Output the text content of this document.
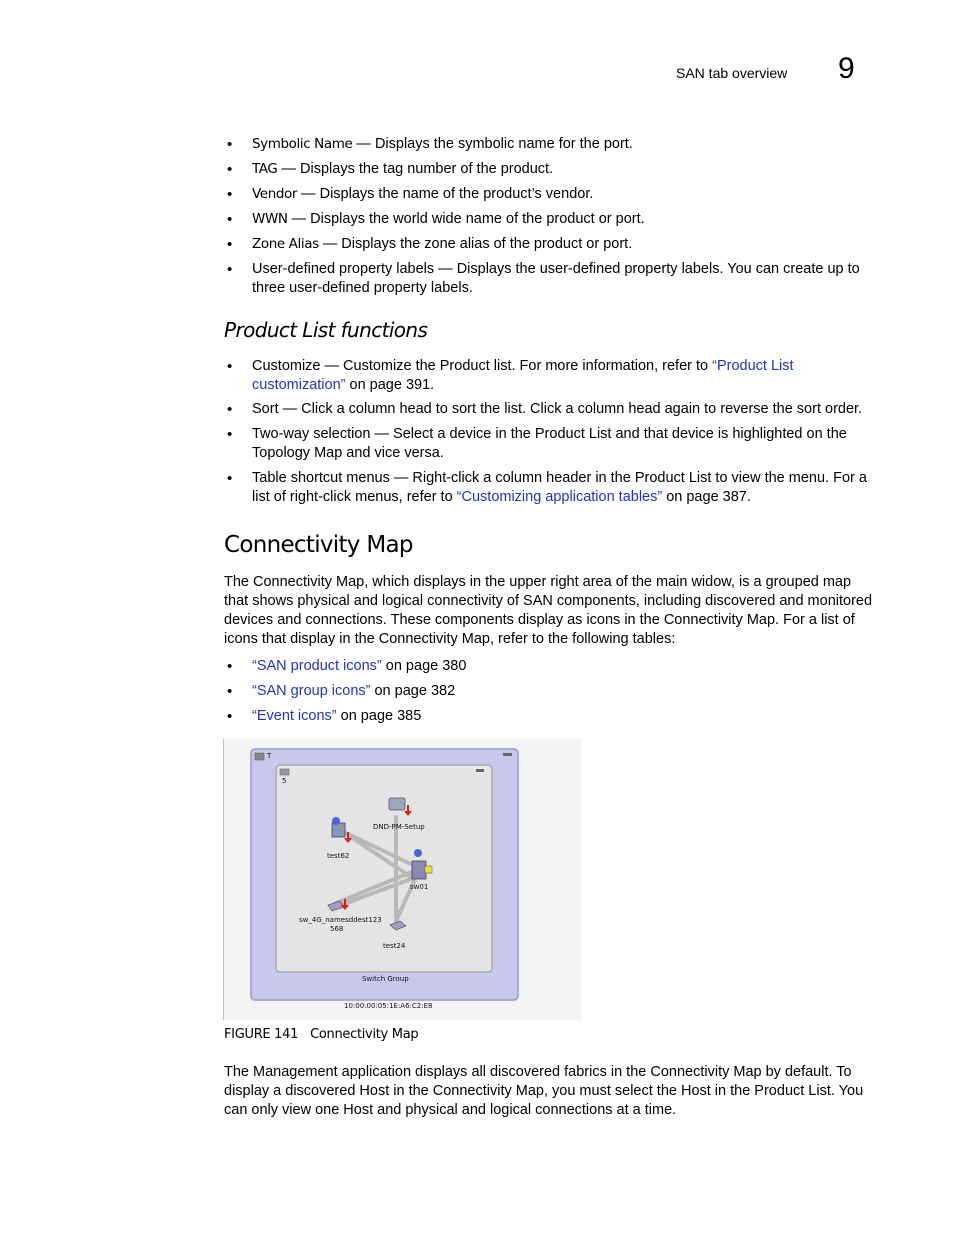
SAN tab overview 9
• Symbolic Name — Displays the symbolic name for the port.
• TAG — Displays the tag number of the product.
• Vendor — Displays the name of the product’s vendor.
• WWN — Displays the world wide name of the product or port.
• Zone Alias — Displays the zone alias of the product or port.
• User-defined property labels — Displays the user-defined property labels. You can create up to three user-defined property labels.
Product List functions
• Customize — Customize the Product list. For more information, refer to “Product List customization” on page 391.
• Sort — Click a column head to sort the list. Click a column head again to reverse the sort order.
• Two-way selection — Select a device in the Product List and that device is highlighted on the Topology Map and vice versa.
• Table shortcut menus — Right-click a column header in the Product List to view the menu. For a list of right-click menus, refer to “Customizing application tables” on page 387.
Connectivity Map

The Connectivity Map, which displays in the upper right area of the main widow, is a grouped map that shows physical and logical connectivity of SAN components, including discovered and monitored devices and connections. These components display as icons in the Connectivity Map. For a list of icons that display in the Connectivity Map, refer to the following tables:

• “SAN product icons” on page 380
• “SAN group icons” on page 382
• “Event icons” on page 385
T
5
DND-PM-Setup
test62
sw01
sw_4G_namesddest123
568
test24
Switch Group
10:00:00:05:1E:A6:C2:E8
FIGURE 141 Connectivity Map

The Management application displays all discovered fabrics in the Connectivity Map by default. To display a discovered Host in the Connectivity Map, you must select the Host in the Product List. You can only view one Host and physical and logical connections at a time.
